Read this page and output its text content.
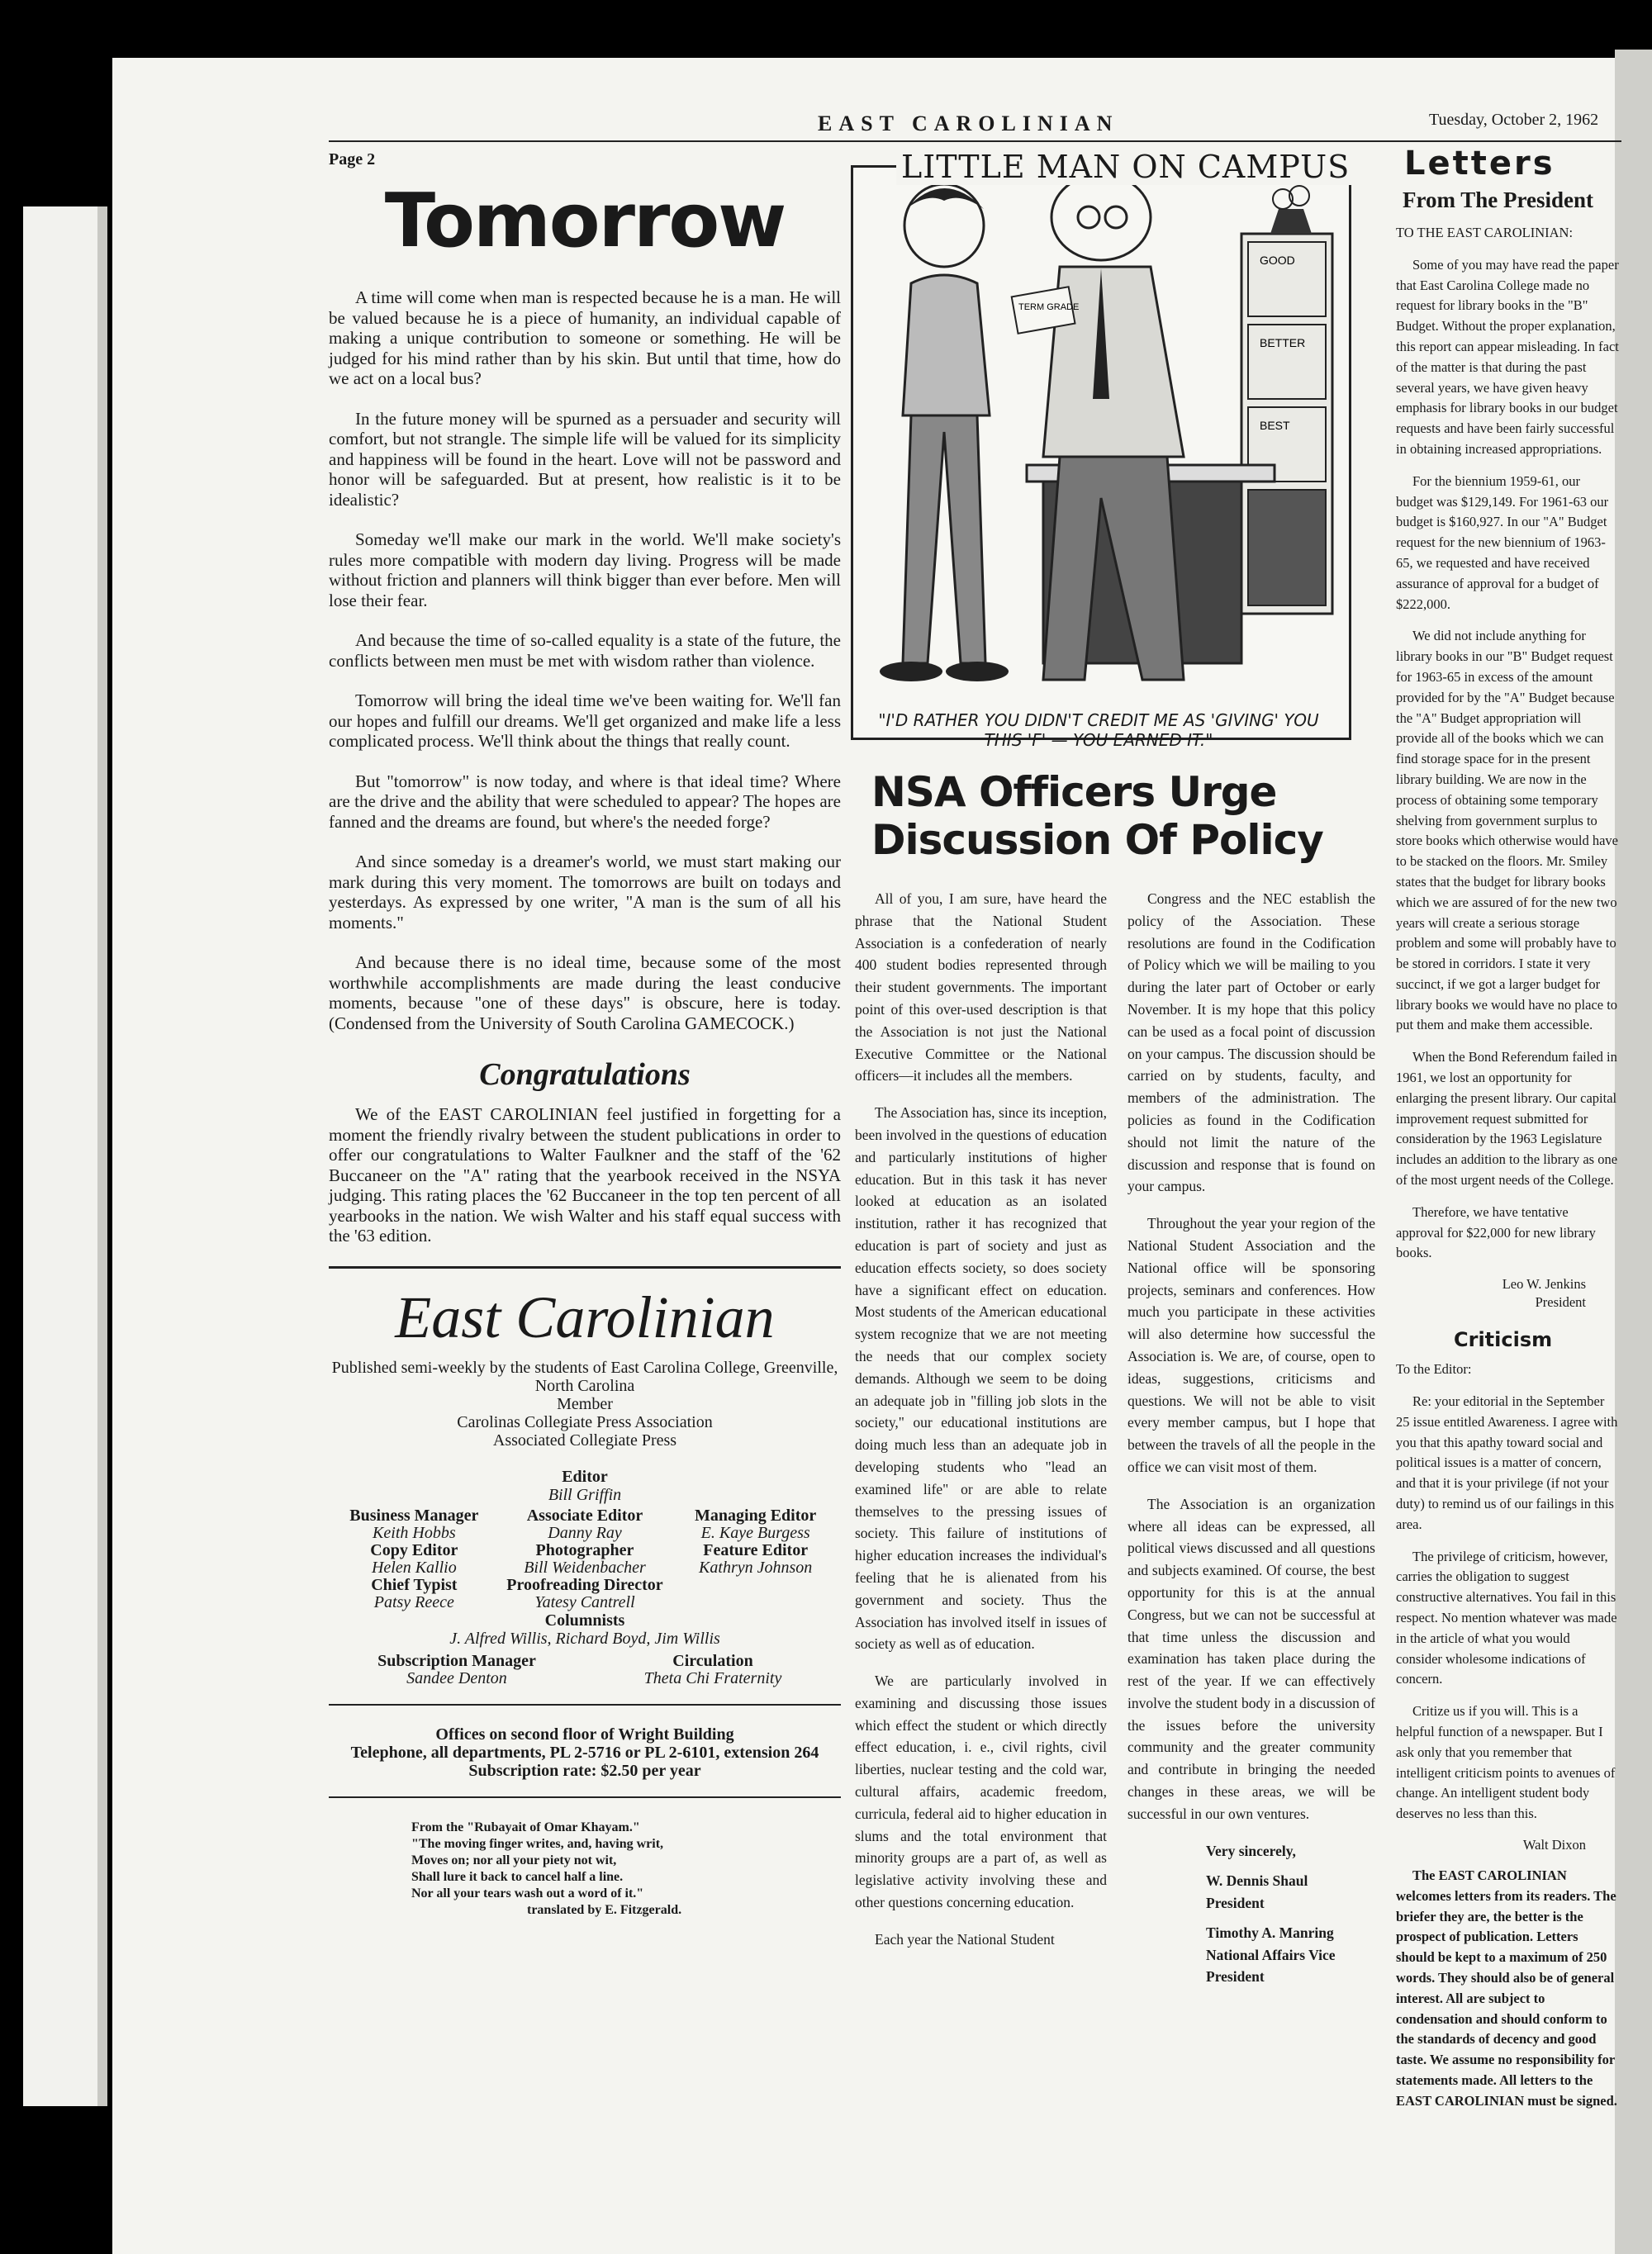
EAST CAROLINIAN	Tuesday, October 2, 1962
Page 2
Tomorrow

A time will come when man is respected because he is a man. He will be valued because he is a piece of humanity, an individual capable of making a unique contribution to someone or something. He will be judged for his mind rather than by his skin. But until that time, how do we act on a local bus?

In the future money will be spurned as a persuader and security will comfort, but not strangle. The simple life will be valued for its simplicity and happiness will be found in the heart. Love will not be password and honor will be safeguarded. But at present, how realistic is it to be idealistic?

Someday we'll make our mark in the world. We'll make society's rules more compatible with modern day living. Progress will be made without friction and planners will think bigger than ever before. Men will lose their fear.

And because the time of so-called equality is a state of the future, the conflicts between men must be met with wisdom rather than violence.

Tomorrow will bring the ideal time we've been waiting for. We'll fan our hopes and fulfill our dreams. We'll get organized and make life a less complicated process. We'll think about the things that really count.

But "tomorrow" is now today, and where is that ideal time? Where are the drive and the ability that were scheduled to appear? The hopes are fanned and the dreams are found, but where's the needed forge?

And since someday is a dreamer's world, we must start making our mark during this very moment. The tomorrows are built on todays and yesterdays. As expressed by one writer, "A man is the sum of all his moments."

And because there is no ideal time, because some of the most worthwhile accomplishments are made during the least conducive moments, because "one of these days" is obscure, here is today. (Condensed from the University of South Carolina GAMECOCK.)

Congratulations

We of the EAST CAROLINIAN feel justified in forgetting for a moment the friendly rivalry between the student publications in order to offer our congratulations to Walter Faulkner and the staff of the '62 Buccaneer on the "A" rating that the yearbook received in the NSYA judging. This rating places the '62 Buccaneer in the top ten percent of all yearbooks in the nation. We wish Walter and his staff equal success with the '63 edition.

East Carolinian
Published semi-weekly by the students of East Carolina College, Greenville, North Carolina
Member
Carolinas Collegiate Press Association
Associated Collegiate Press
Editor
Bill Griffin
Business Manager
Keith Hobbs
Associate Editor
Danny Ray
Managing Editor
E. Kaye Burgess
Copy Editor
Helen Kallio
Photographer
Bill Weidenbacher
Feature Editor
Kathryn Johnson
Chief Typist
Patsy Reece
Proofreading Director
Yatesy Cantrell
Columnists
J. Alfred Willis, Richard Boyd, Jim Willis
Subscription Manager
Sandee Denton
Circulation
Theta Chi Fraternity
Offices on second floor of Wright Building
Telephone, all departments, PL 2-5716 or PL 2-6101, extension 264
Subscription rate: $2.50 per year
From the "Rubayait of Omar Khayam."
"The moving finger writes, and, having writ,
Moves on; nor all your piety not wit,
Shall lure it back to cancel half a line.
Nor all your tears wash out a word of it."
translated by E. Fitzgerald.
GOOD
BETTER
BEST
TERM GRADE
LITTLE MAN ON CAMPUS
"I'D RATHER YOU DIDN'T CREDIT ME AS 'GIVING' YOU
THIS 'F' — YOU EARNED IT."
NSA Officers Urge Discussion Of Policy

All of you, I am sure, have heard the phrase that the National Student Association is a confederation of nearly 400 student bodies represented through their student governments. The important point of this over-used description is that the Association is not just the National Executive Committee or the National officers—it includes all the members.

The Association has, since its inception, been involved in the questions of education and particularly institutions of higher education. But in this task it has never looked at education as an isolated institution, rather it has recognized that education is part of society and just as education effects society, so does society have a significant effect on education. Most students of the American educational system recognize that we are not meeting the needs that our complex society demands. Although we seem to be doing an adequate job in "filling job slots in the society," our educational institutions are doing much less than an adequate job in developing students who "lead an examined life" or are able to relate themselves to the pressing issues of society. This failure of institutions of higher education increases the individual's feeling that he is alienated from his government and society. Thus the Association has involved itself in issues of society as well as of education.

We are particularly involved in examining and discussing those issues which effect the student or which directly effect education, i. e., civil rights, civil liberties, nuclear testing and the cold war, cultural affairs, academic freedom, curricula, federal aid to higher education in slums and the total environment that minority groups are a part of, as well as legislative activity involving these and other questions concerning education.

Each year the National Student

Congress and the NEC establish the policy of the Association. These resolutions are found in the Codification of Policy which we will be mailing to you during the later part of October or early November. It is my hope that this policy can be used as a focal point of discussion on your campus. The discussion should be carried on by students, faculty, and members of the administration. The policies as found in the Codification should not limit the nature of the discussion and response that is found on your campus.

Throughout the year your region of the National Student Association and the National office will be sponsoring projects, seminars and conferences. How much you participate in these activities will also determine how successful the Association is. We are, of course, open to ideas, suggestions, criticisms and questions. We will not be able to visit every member campus, but I hope that between the travels of all the people in the office we can visit most of them.

The Association is an organization where all ideas can be expressed, all political views discussed and all questions and subjects examined. Of course, the best opportunity for this is at the annual Congress, but we can not be successful at that time unless the discussion and examination has taken place during the rest of the year. If we can effectively involve the student body in a discussion of the issues before the university community and the greater community and contribute in bringing the needed changes in these areas, we will be successful in our own ventures.

Very sincerely,
W. Dennis Shaul
President
Timothy A. Manring
National Affairs Vice President
Letters
From The President
TO THE EAST CAROLINIAN:

Some of you may have read the paper that East Carolina College made no request for library books in the "B" Budget. Without the proper explanation, this report can appear misleading. In fact of the matter is that during the past several years, we have given heavy emphasis for library books in our budget requests and have been fairly successful in obtaining increased appropriations.

For the biennium 1959-61, our budget was $129,149. For 1961-63 our budget is $160,927. In our "A" Budget request for the new biennium of 1963-65, we requested and have received assurance of approval for a budget of $222,000.

We did not include anything for library books in our "B" Budget request for 1963-65 in excess of the amount provided for by the "A" Budget because the "A" Budget appropriation will provide all of the books which we can find storage space for in the present library building. We are now in the process of obtaining some temporary shelving from government surplus to store books which otherwise would have to be stacked on the floors. Mr. Smiley states that the budget for library books which we are assured of for the new two years will create a serious storage problem and some will probably have to be stored in corridors. I state it very succinct, if we got a larger budget for library books we would have no place to put them and make them accessible.

When the Bond Referendum failed in 1961, we lost an opportunity for enlarging the present library. Our capital improvement request submitted for consideration by the 1963 Legislature includes an addition to the library as one of the most urgent needs of the College.

Therefore, we have tentative approval for $22,000 for new library books.

Leo W. Jenkins
President
Criticism
To the Editor:

Re: your editorial in the September 25 issue entitled Awareness. I agree with you that this apathy toward social and political issues is a matter of concern, and that it is your privilege (if not your duty) to remind us of our failings in this area.

The privilege of criticism, however, carries the obligation to suggest constructive alternatives. You fail in this respect. No mention whatever was made in the article of what you would consider wholesome indications of concern.

Critize us if you will. This is a helpful function of a newspaper. But I ask only that you remember that intelligent criticism points to avenues of change. An intelligent student body deserves no less than this.

Walt Dixon

The EAST CAROLINIAN welcomes letters from its readers. The briefer they are, the better is the prospect of publication. Letters should be kept to a maximum of 250 words. They should also be of general interest. All are subject to condensation and should conform to the standards of decency and good taste. We assume no responsibility for statements made. All letters to the EAST CAROLINIAN must be signed.
